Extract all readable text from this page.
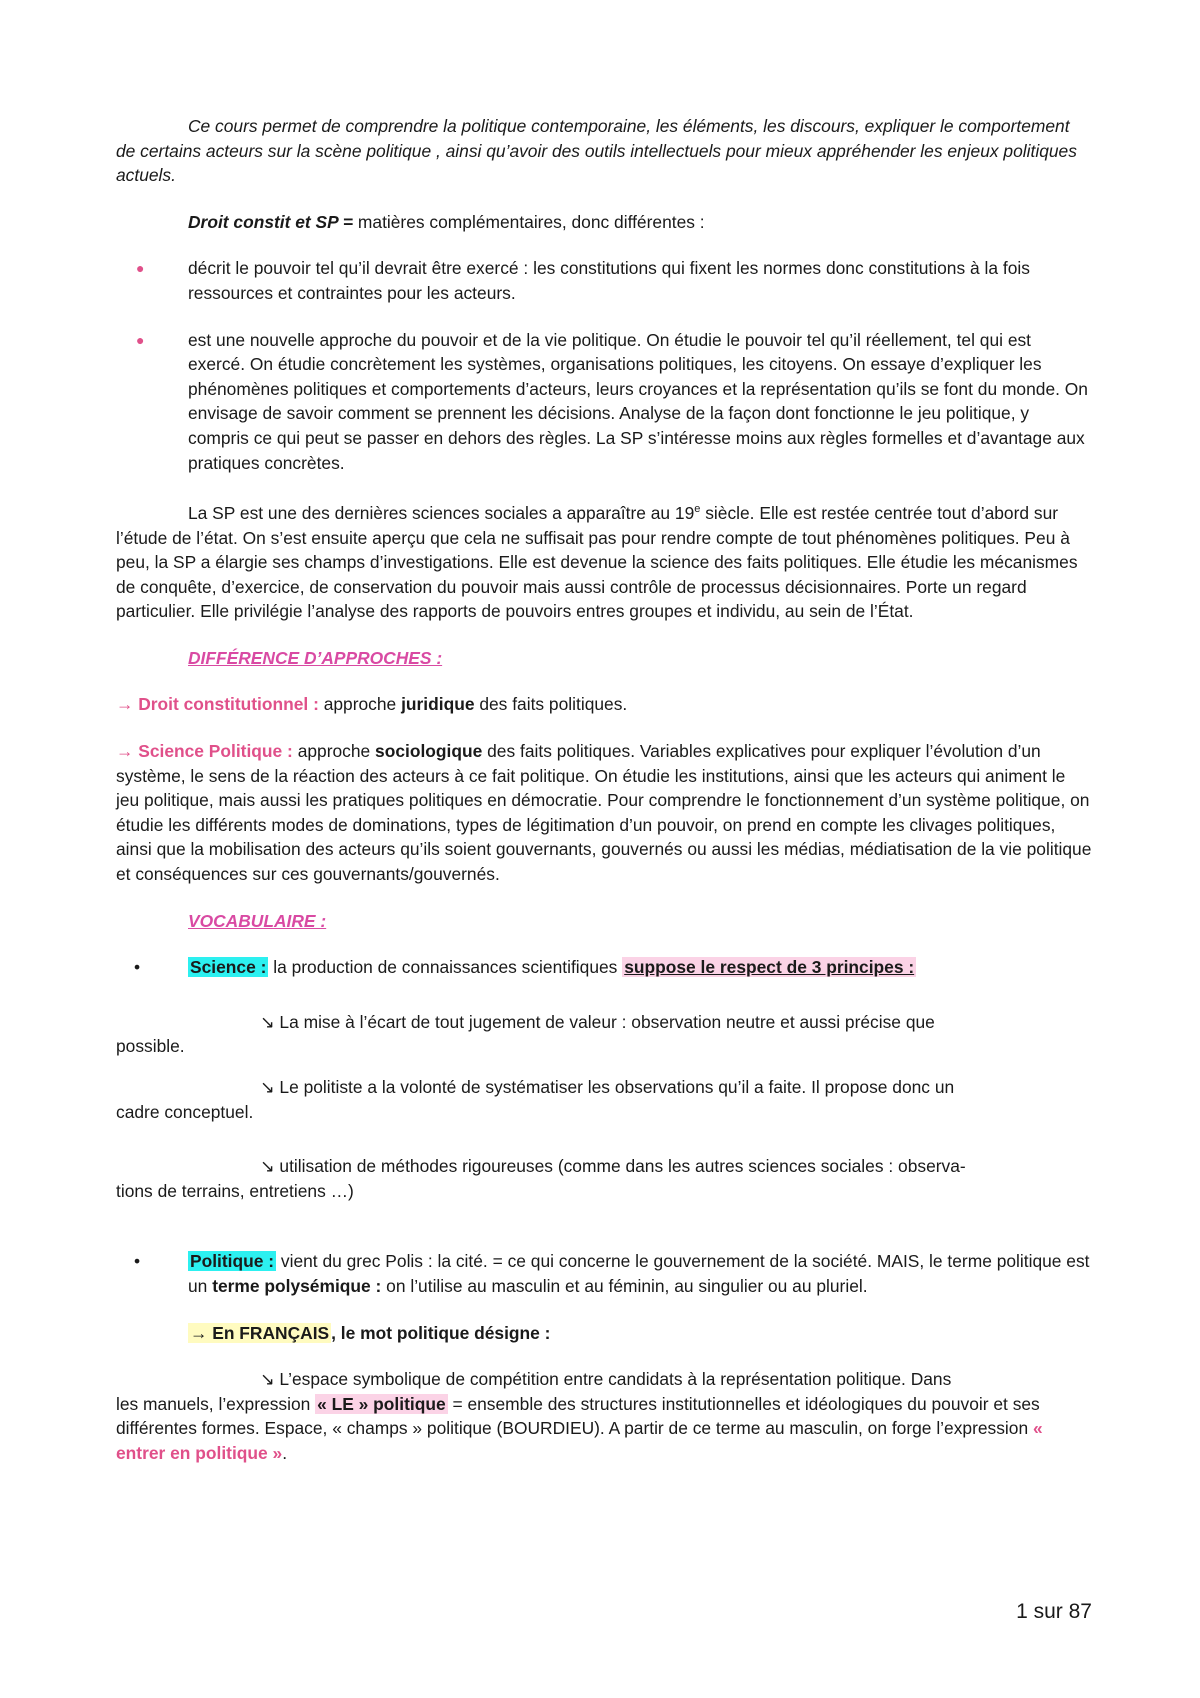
Ce cours permet de comprendre la politique contemporaine, les éléments, les discours, expliquer le comportement de certains acteurs sur la scène politique , ainsi qu’avoir des outils intellectuels pour mieux appréhender les enjeux politiques actuels.

Droit constit et SP = matières complémentaires, donc différentes :

●	décrit le pouvoir tel qu’il devrait être exercé : les constitutions qui fixent les normes donc constitutions à la fois ressources et contraintes pour les acteurs.
●	est une nouvelle approche du pouvoir et de la vie politique. On étudie le pouvoir tel qu’il réellement, tel qui est exercé. On étudie concrètement les systèmes, organisations politiques, les citoyens. On essaye d’expliquer les phénomènes politiques et comportements d’acteurs, leurs croyances et la représentation qu’ils se font du monde. On envisage de savoir comment se prennent les décisions. Analyse de la façon dont fonctionne le jeu politique, y compris ce qui peut se passer en dehors des règles. La SP s’intéresse moins aux règles formelles et d’avantage aux pratiques concrètes.

La SP est une des dernières sciences sociales a apparaître au 19e siècle. Elle est restée centrée tout d’abord sur l’étude de l’état. On s’est ensuite aperçu que cela ne suffisait pas pour rendre compte de tout phénomènes politiques. Peu à peu, la SP a élargie ses champs d’investigations. Elle est devenue la science des faits politiques. Elle étudie les mécanismes de conquête, d’exercice, de conservation du pouvoir mais aussi contrôle de processus décisionnaires. Porte un regard particulier. Elle privilégie l’analyse des rapports de pouvoirs entres groupes et individu, au sein de l’État.

DIFFÉRENCE D’APPROCHES :

→ Droit constitutionnel : approche juridique des faits politiques.

→ Science Politique : approche sociologique des faits politiques. Variables explicatives pour expliquer l’évolution d’un système, le sens de la réaction des acteurs à ce fait politique. On étudie les institutions, ainsi que les acteurs qui animent le jeu politique, mais aussi les pratiques politiques en démocratie. Pour comprendre le fonctionnement d’un système politique, on étudie les différents modes de dominations, types de légitimation d’un pouvoir, on prend en compte les clivages politiques, ainsi que la mobilisation des acteurs qu’ils soient gouvernants, gouvernés ou aussi les médias, médiatisation de la vie politique et conséquences sur ces gouvernants/gouvernés.

VOCABULAIRE :

•	Science : la production de connaissances scientifiques suppose le respect de 3 principes :

↘ La mise à l’écart de tout jugement de valeur : observation neutre et aussi précise que

possible.

↘ Le politiste a la volonté de systématiser les observations qu’il a faite. Il propose donc un

cadre conceptuel.

↘ utilisation de méthodes rigoureuses (comme dans les autres sciences sociales : observa-

tions de terrains, entretiens …)

•	Politique : vient du grec Polis : la cité. = ce qui concerne le gouvernement de la société. MAIS, le terme politique est un terme polysémique : on l’utilise au masculin et au féminin, au singulier ou au pluriel.

→ En FRANÇAIS , le mot politique désigne :

↘ L’espace symbolique de compétition entre candidats à la représentation politique. Dans

les manuels, l’expression « LE » politique = ensemble des structures institutionnelles et idéologiques du pouvoir et ses différentes formes. Espace, « champs » politique (BOURDIEU). A partir de ce terme au masculin, on forge l’expression « entrer en politique ».

1 sur 87
